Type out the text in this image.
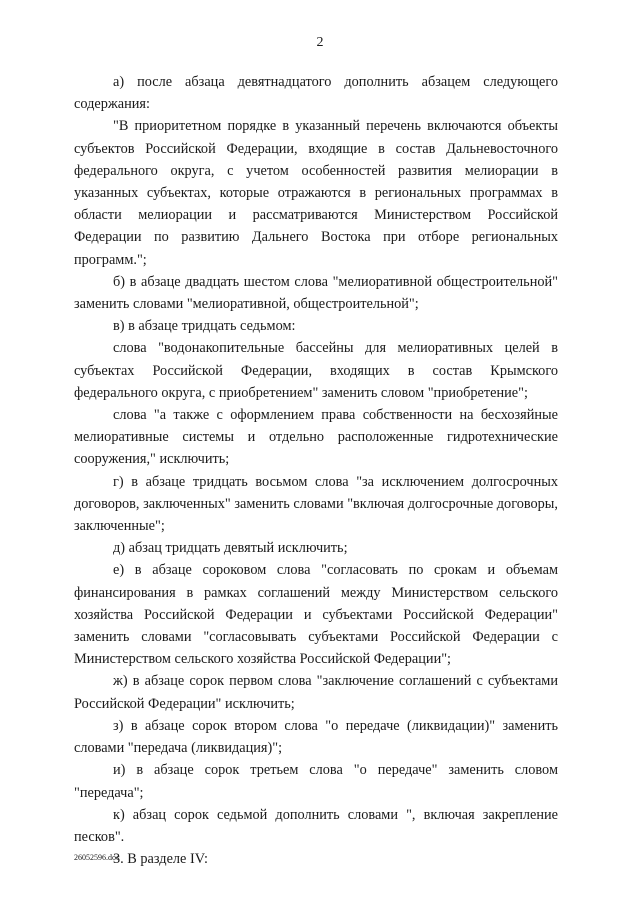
2

а) после абзаца девятнадцатого дополнить абзацем следующего содержания:

"В приоритетном порядке в указанный перечень включаются объекты субъектов Российской Федерации, входящие в состав Дальневосточного федерального округа, с учетом особенностей развития мелиорации в указанных субъектах, которые отражаются в региональных программах в области мелиорации и рассматриваются Министерством Российской Федерации по развитию Дальнего Востока при отборе региональных программ.";

б) в абзаце двадцать шестом слова "мелиоративной общестроительной" заменить словами "мелиоративной, общестроительной";

в) в абзаце тридцать седьмом:

слова "водонакопительные бассейны для мелиоративных целей в субъектах Российской Федерации, входящих в состав Крымского федерального округа, с приобретением" заменить словом "приобретение";

слова "а также с оформлением права собственности на бесхозяйные мелиоративные системы и отдельно расположенные гидротехнические сооружения," исключить;

г) в абзаце тридцать восьмом слова "за исключением долгосрочных договоров, заключенных" заменить словами "включая долгосрочные договоры, заключенные";

д) абзац тридцать девятый исключить;

е) в абзаце сороковом слова "согласовать по срокам и объемам финансирования в рамках соглашений между Министерством сельского хозяйства Российской Федерации и субъектами Российской Федерации" заменить словами "согласовывать субъектами Российской Федерации с Министерством сельского хозяйства Российской Федерации";

ж) в абзаце сорок первом слова "заключение соглашений с субъектами Российской Федерации" исключить;

з) в абзаце сорок втором слова "о передаче (ликвидации)" заменить словами "передача (ликвидация)";

и) в абзаце сорок третьем слова "о передаче" заменить словом "передача";

к) абзац сорок седьмой дополнить словами ", включая закрепление песков".

3. В разделе IV:

26052596.doc
